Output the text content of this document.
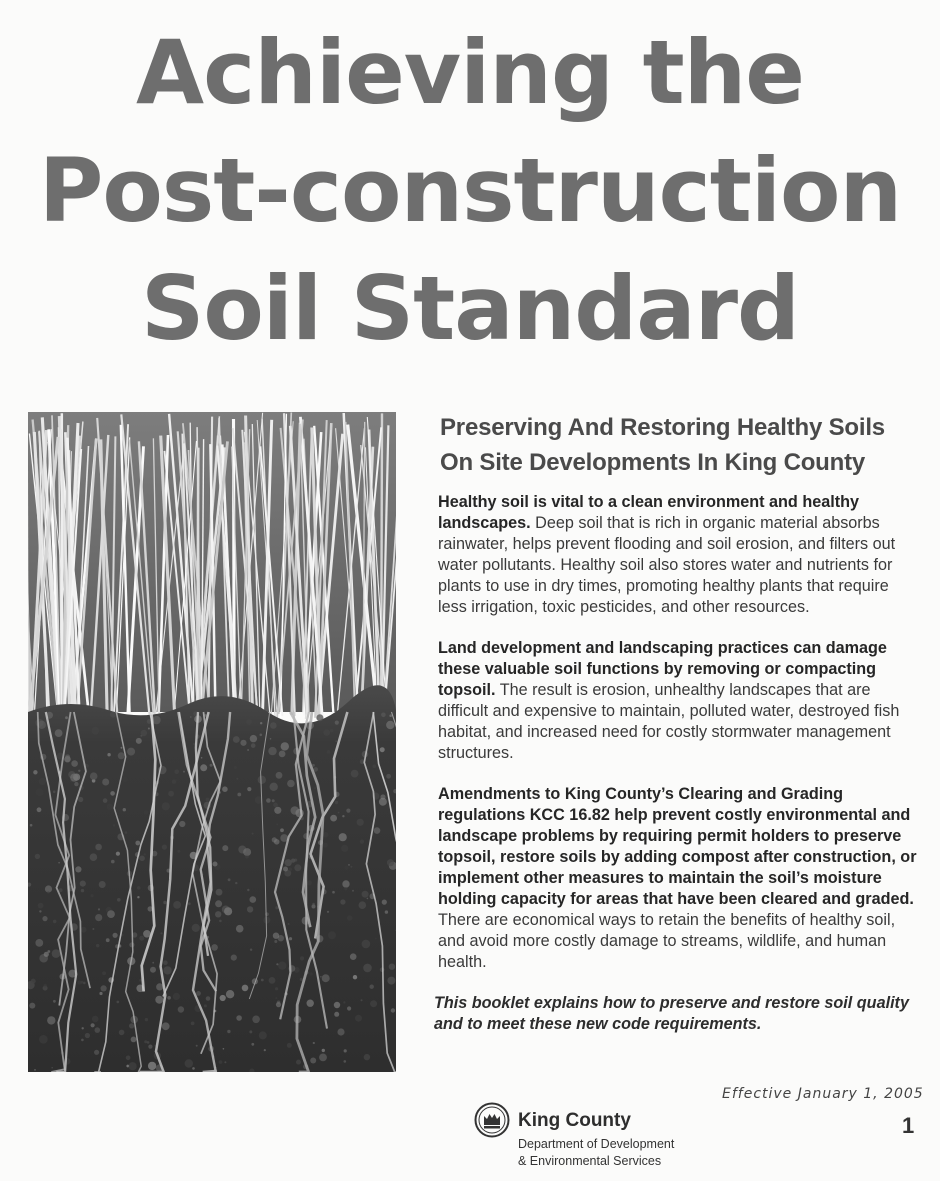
Achieving the
Post-construction
Soil Standard
Preserving And Restoring Healthy Soils
On Site Developments In King County

Healthy soil is vital to a clean environment and healthy landscapes. Deep soil that is rich in organic material absorbs rainwater, helps prevent flooding and soil erosion, and filters out water pollutants. Healthy soil also stores water and nutrients for plants to use in dry times, promoting healthy plants that require less irrigation, toxic pesticides, and other resources.

Land development and landscaping practices can damage these valuable soil functions by removing or compacting topsoil. The result is erosion, unhealthy landscapes that are difficult and expensive to maintain, polluted water, destroyed fish habitat, and increased need for costly stormwater management structures.

Amendments to King County’s Clearing and Grading regulations KCC 16.82 help prevent costly environmental and landscape problems by requiring permit holders to preserve topsoil, restore soils by adding compost after construction, or implement other measures to maintain the soil’s moisture holding capacity for areas that have been cleared and graded. There are economical ways to retain the benefits of healthy soil, and avoid more costly damage to streams, wildlife, and human health.

This booklet explains how to preserve and restore soil quality and to meet these new code requirements.

Effective January 1, 2005
1
King County
Department of Development
& Environmental Services
